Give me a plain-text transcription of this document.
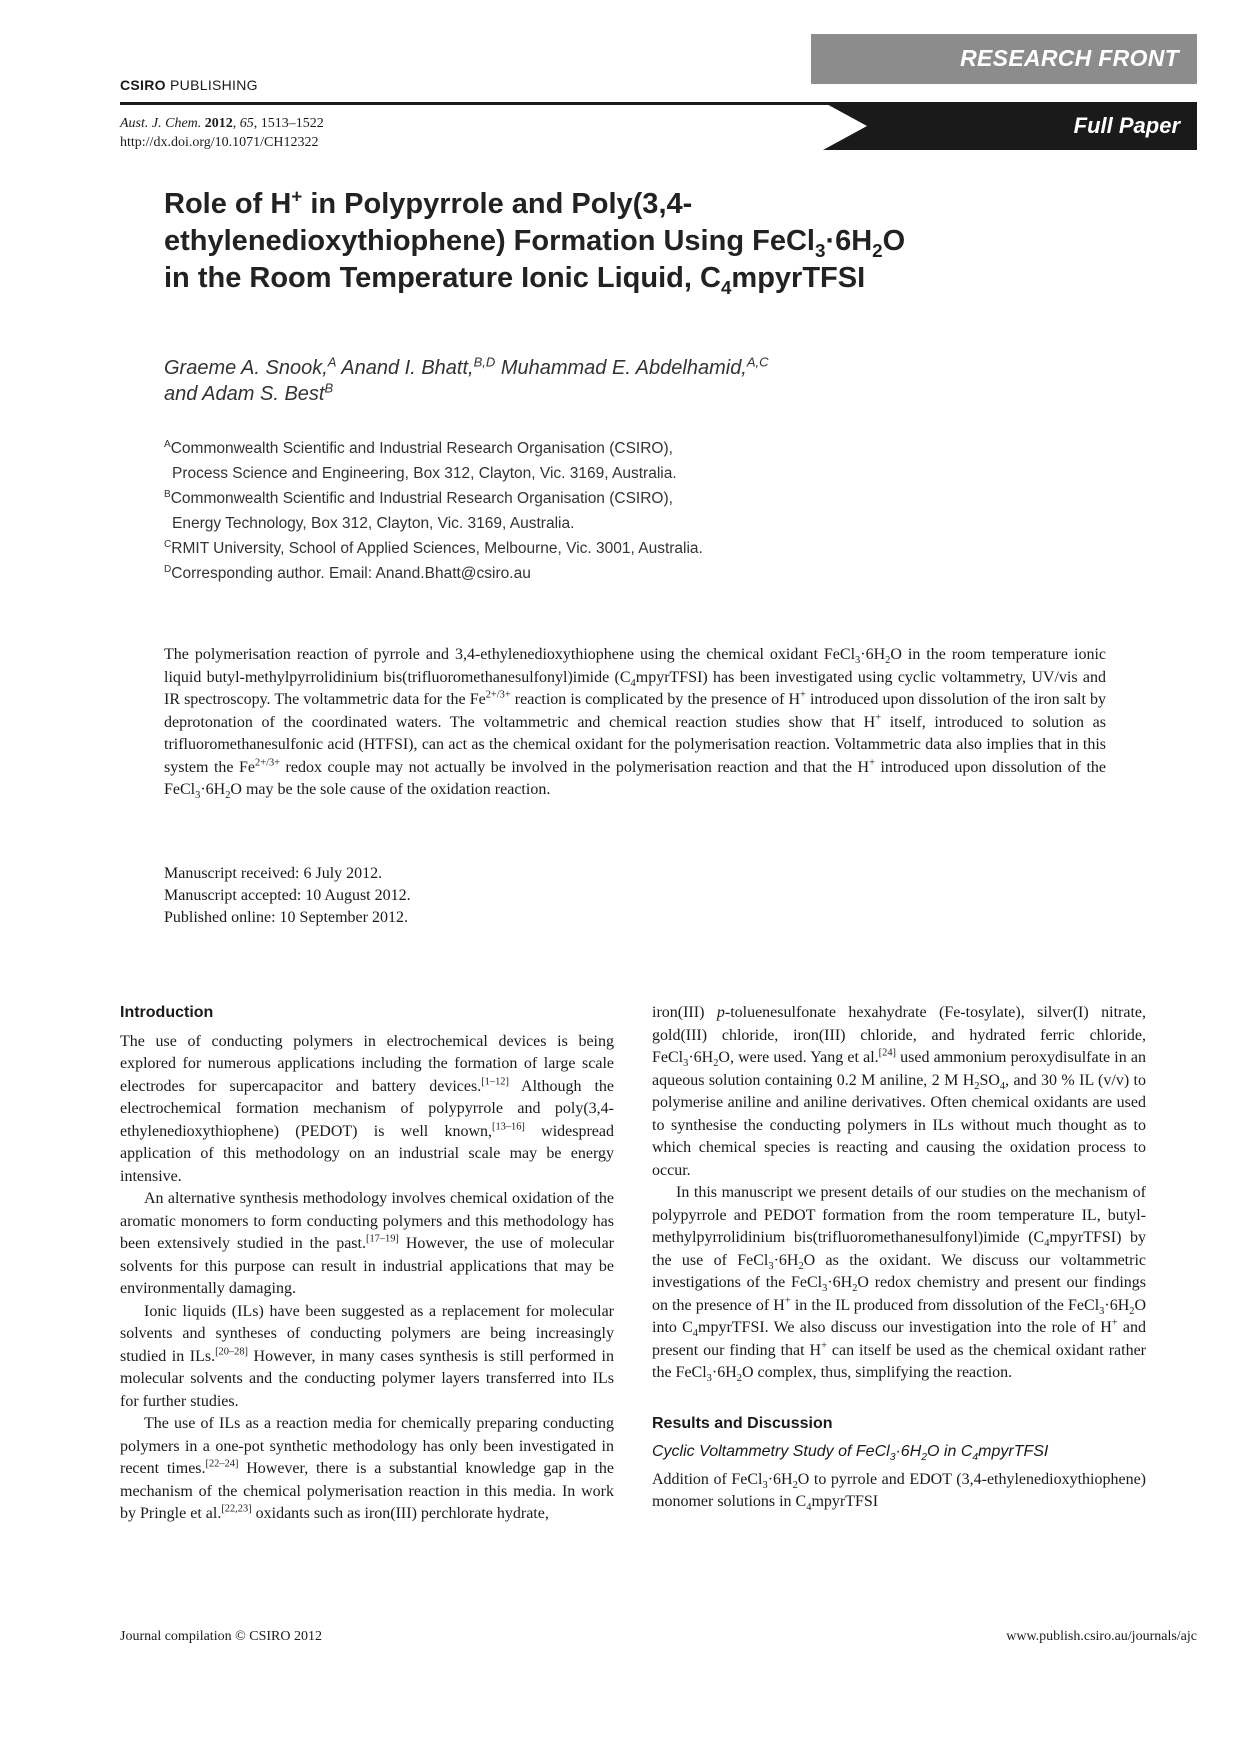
RESEARCH FRONT
CSIRO PUBLISHING
Full Paper
Aust. J. Chem. 2012, 65, 1513–1522
http://dx.doi.org/10.1071/CH12322
Role of H+ in Polypyrrole and Poly(3,4-
ethylenedioxythiophene) Formation Using $FeCl_3\cdot 6H_2O$
in the Room Temperature Ionic Liquid, $C_4mpyrTFSI$
Graeme A. Snook,$^A$ Anand I. Bhatt,$^{B,D}$ Muhammad E. Abdelhamid,$^{A,C}$
and Adam S. Best$^B$
$^A$Commonwealth Scientific and Industrial Research Organisation (CSIRO),
Process Science and Engineering, Box 312, Clayton, Vic. 3169, Australia.
$^B$Commonwealth Scientific and Industrial Research Organisation (CSIRO),
Energy Technology, Box 312, Clayton, Vic. 3169, Australia.
$^C$RMIT University, School of Applied Sciences, Melbourne, Vic. 3001, Australia.
$^D$Corresponding author. Email: Anand.Bhatt@csiro.au
The polymerisation reaction of pyrrole and 3,4-ethylenedioxythiophene using the chemical oxidant $FeCl_3\cdot 6H_2O$ in the room temperature ionic liquid butyl-methylpyrrolidinium bis(trifluoromethanesulfonyl)imide $(C_4mpyrTFSI)$ has been investigated using cyclic voltammetry, UV/vis and IR spectroscopy. The voltammetric data for the $Fe^{2+/3+}$ reaction is complicated by the presence of H+ introduced upon dissolution of the iron salt by deprotonation of the coordinated waters. The voltammetric and chemical reaction studies show that H+ itself, introduced to solution as trifluoromethanesulfonic acid (HTFSI), can act as the chemical oxidant for the polymerisation reaction. Voltammetric data also implies that in this system the $Fe^{2+/3+}$ redox couple may not actually be involved in the polymerisation reaction and that the H+ introduced upon dissolution of the $FeCl_3\cdot 6H_2O$ may be the sole cause of the oxidation reaction.
Manuscript received: 6 July 2012.
Manuscript accepted: 10 August 2012.
Published online: 10 September 2012.
Introduction

The use of conducting polymers in electrochemical devices is being explored for numerous applications including the formation of large scale electrodes for supercapacitor and battery devices.[1–12] Although the electrochemical formation mechanism of polypyrrole and poly(3,4-ethylenedioxythiophene) (PEDOT) is well known,[13–16] widespread application of this methodology on an industrial scale may be energy intensive.

An alternative synthesis methodology involves chemical oxidation of the aromatic monomers to form conducting polymers and this methodology has been extensively studied in the past.[17–19] However, the use of molecular solvents for this purpose can result in industrial applications that may be environmentally damaging.

Ionic liquids (ILs) have been suggested as a replacement for molecular solvents and syntheses of conducting polymers are being increasingly studied in ILs.[20–28] However, in many cases synthesis is still performed in molecular solvents and the conducting polymer layers transferred into ILs for further studies.

The use of ILs as a reaction media for chemically preparing conducting polymers in a one-pot synthetic methodology has only been investigated in recent times.[22–24] However, there is a substantial knowledge gap in the mechanism of the chemical polymerisation reaction in this media. In work by Pringle et al.[22,23] oxidants such as iron(III) perchlorate hydrate,

iron(III) p-toluenesulfonate hexahydrate (Fe-tosylate), silver(I) nitrate, gold(III) chloride, iron(III) chloride, and hydrated ferric chloride, $FeCl_3\cdot 6H_2O$, were used. Yang et al.[24] used ammonium peroxydisulfate in an aqueous solution containing 0.2 M aniline, 2 M $H_2SO_4$, and 30 % IL (v/v) to polymerise aniline and aniline derivatives. Often chemical oxidants are used to synthesise the conducting polymers in ILs without much thought as to which chemical species is reacting and causing the oxidation process to occur.

In this manuscript we present details of our studies on the mechanism of polypyrrole and PEDOT formation from the room temperature IL, butyl-methylpyrrolidinium bis(trifluoromethanesulfonyl)imide $(C_4mpyrTFSI)$ by the use of $FeCl_3\cdot 6H_2O$ as the oxidant. We discuss our voltammetric investigations of the $FeCl_3\cdot 6H_2O$ redox chemistry and present our findings on the presence of H+ in the IL produced from dissolution of the $FeCl_3\cdot 6H_2O$ into $C_4mpyrTFSI$. We also discuss our investigation into the role of H+ and present our finding that H+ can itself be used as the chemical oxidant rather the $FeCl_3\cdot 6H_2O$ complex, thus, simplifying the reaction.

Results and Discussion
Cyclic Voltammetry Study of $FeCl_3\cdot 6H_2O$ in $C_4mpyrTFSI$

Addition of $FeCl_3\cdot 6H_2O$ to pyrrole and EDOT (3,4-ethylenedioxythiophene) monomer solutions in $C_4mpyrTFSI$

Journal compilation © CSIRO 2012	www.publish.csiro.au/journals/ajc
